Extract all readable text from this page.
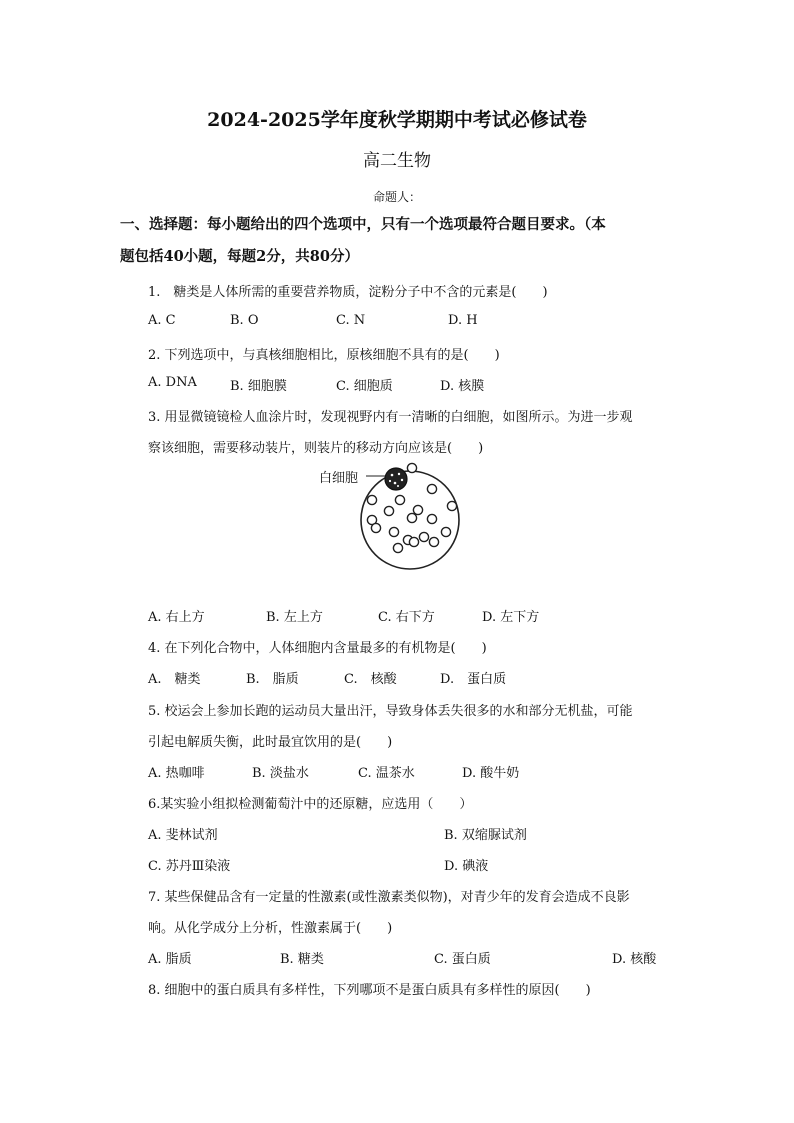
2024-2025学年度秋学期期中考试必修试卷
高二生物
命题人：
一、选择题：每小题给出的四个选项中，只有一个选项最符合题目要求。（本
题包括40小题，每题2分，共80分）
1.　糖类是人体所需的重要营养物质，淀粉分子中不含的元素是(　　)
A. C	B. O	C. N	D. H
2. 下列选项中，与真核细胞相比，原核细胞不具有的是(　　)
A. DNA	B. 细胞膜	C. 细胞质	D. 核膜
3. 用显微镜镜检人血涂片时，发现视野内有一清晰的白细胞，如图所示。为进一步观
察该细胞，需要移动装片，则装片的移动方向应该是(　　)
白细胞
A. 右上方	B. 左上方	C. 右下方	D. 左下方
4. 在下列化合物中，人体细胞内含量最多的有机物是(　　)
A.　糖类	B.　脂质	C.　核酸	D.　蛋白质
5. 校运会上参加长跑的运动员大量出汗，导致身体丢失很多的水和部分无机盐，可能
引起电解质失衡，此时最宜饮用的是(　　)
A. 热咖啡	B. 淡盐水	C. 温茶水	D. 酸牛奶
6.某实验小组拟检测葡萄汁中的还原糖，应选用（　　）
A. 斐林试剂	B. 双缩脲试剂
C. 苏丹Ⅲ染液	D. 碘液
7. 某些保健品含有一定量的性激素(或性激素类似物)，对青少年的发育会造成不良影
响。从化学成分上分析，性激素属于(　　)
A. 脂质	B. 糖类	C. 蛋白质	D. 核酸
8. 细胞中的蛋白质具有多样性，下列哪项不是蛋白质具有多样性的原因(　　)
